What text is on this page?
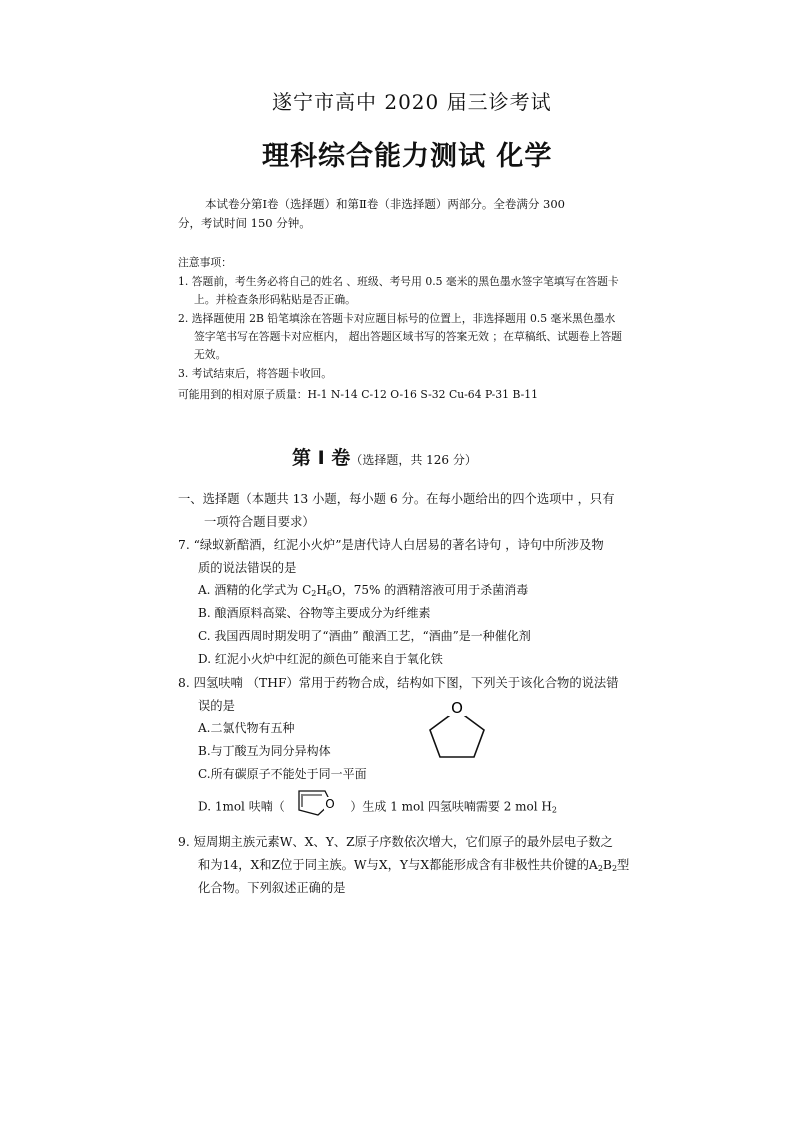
遂宁市高中 2020 届三诊考试
理科综合能力测试 化学
本试卷分第Ⅰ卷（选择题）和第Ⅱ卷（非选择题）两部分。全卷满分 300
分，考试时间 150 分钟。
注意事项：
1. 答题前，考生务必将自己的姓名 、班级、考号用 0.5 毫米的黑色墨水签字笔填写在答题卡
上。并检查条形码粘贴是否正确。
2. 选择题使用 2B 铅笔填涂在答题卡对应题目标号的位置上，非选择题用 0.5 毫米黑色墨水
签字笔书写在答题卡对应框内， 超出答题区域书写的答案无效 ；在草稿纸、试题卷上答题
无效。
3. 考试结束后，将答题卡收回。
可能用到的相对原子质量：H-1 N-14 C-12 O-16 S-32 Cu-64 P-31 B-11
第 I 卷（选择题，共 126 分）
一、选择题（本题共 13 小题，每小题 6 分。在每小题给出的四个选项中 ，只有
一项符合题目要求）
7. “绿蚁新醅酒，红泥小火炉”是唐代诗人白居易的著名诗句 ，诗句中所涉及物
质的说法错误的是
A. 酒精的化学式为 $C_2H_6O$，75% 的酒精溶液可用于杀菌消毒
B. 酿酒原料高粱、谷物等主要成分为纤维素
C. 我国西周时期发明了“酒曲” 酿酒工艺，“酒曲”是一种催化剂
D. 红泥小火炉中红泥的颜色可能来自于氧化铁
8. 四氢呋喃 （THF）常用于药物合成，结构如下图，下列关于该化合物的说法错
误的是
A.二氯代物有五种
B.与丁酸互为同分异构体
C.所有碳原子不能处于同一平面
O
D. 1mol 呋喃（	O ）生成 1 mol 四氢呋喃需要 2 mol $H_2$
9. 短周期主族元素W、X、Y、Z原子序数依次增大，它们原子的最外层电子数之
和为14，X和Z位于同主族。W与X，Y与X都能形成含有非极性共价键的$A_2B_2$型
化合物。下列叙述正确的是
